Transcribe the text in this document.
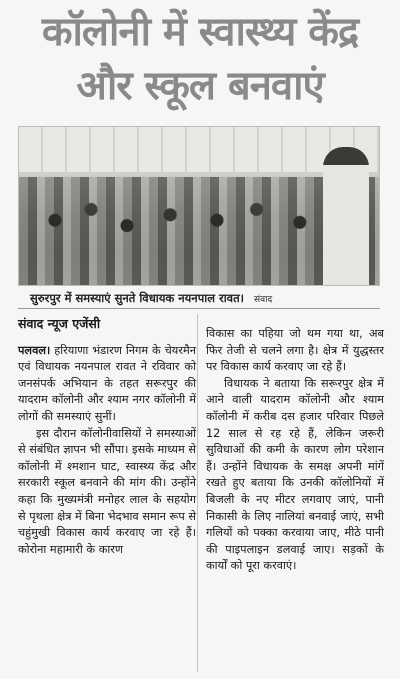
कॉलोनी में स्वास्थ्य केंद्र
और स्कूल बनवाएं
सुरुरपुर में समस्याएं सुनते विधायक नयनपाल रावत। संवाद
संवाद न्यूज एजेंसी
पलवल। हरियाणा भंडारण निगम के चेयरमैन एवं विधायक नयनपाल रावत ने रविवार को जनसंपर्क अभियान के तहत सरूरपुर की यादराम कॉलोनी और श्याम नगर कॉलोनी में लोगों की समस्याएं सुनीं।
इस दौरान कॉलोनीवासियों ने समस्याओं से संबंधित ज्ञापन भी सौंपा। इसके माध्यम से कॉलोनी में श्मशान घाट, स्वास्थ्य केंद्र और सरकारी स्कूल बनवाने की मांग की। उन्होंने कहा कि मुख्यमंत्री मनोहर लाल के सहयोग से पृथला क्षेत्र में बिना भेदभाव समान रूप से चहुंमुखी विकास कार्य करवाए जा रहे हैं। कोरोना महामारी के कारण
विकास का पहिया जो थम गया था, अब फिर तेजी से चलने लगा है। क्षेत्र में युद्धस्तर पर विकास कार्य करवाए जा रहे हैं।
विधायक ने बताया कि सरूरपुर क्षेत्र में आने वाली यादराम कॉलोनी और श्याम कॉलोनी में करीब दस हजार परिवार पिछले 12 साल से रह रहे हैं, लेकिन जरूरी सुविधाओं की कमी के कारण लोग परेशान हैं। उन्होंने विधायक के समक्ष अपनी मांगें रखते हुए बताया कि उनकी कॉलोनियों में बिजली के नए मीटर लगवाए जाएं, पानी निकासी के लिए नालियां बनवाई जाएं, सभी गलियों को पक्का करवाया जाए, मीठे पानी की पाइपलाइन डलवाई जाए। सड़कों के कार्यों को पूरा करवाएं।
